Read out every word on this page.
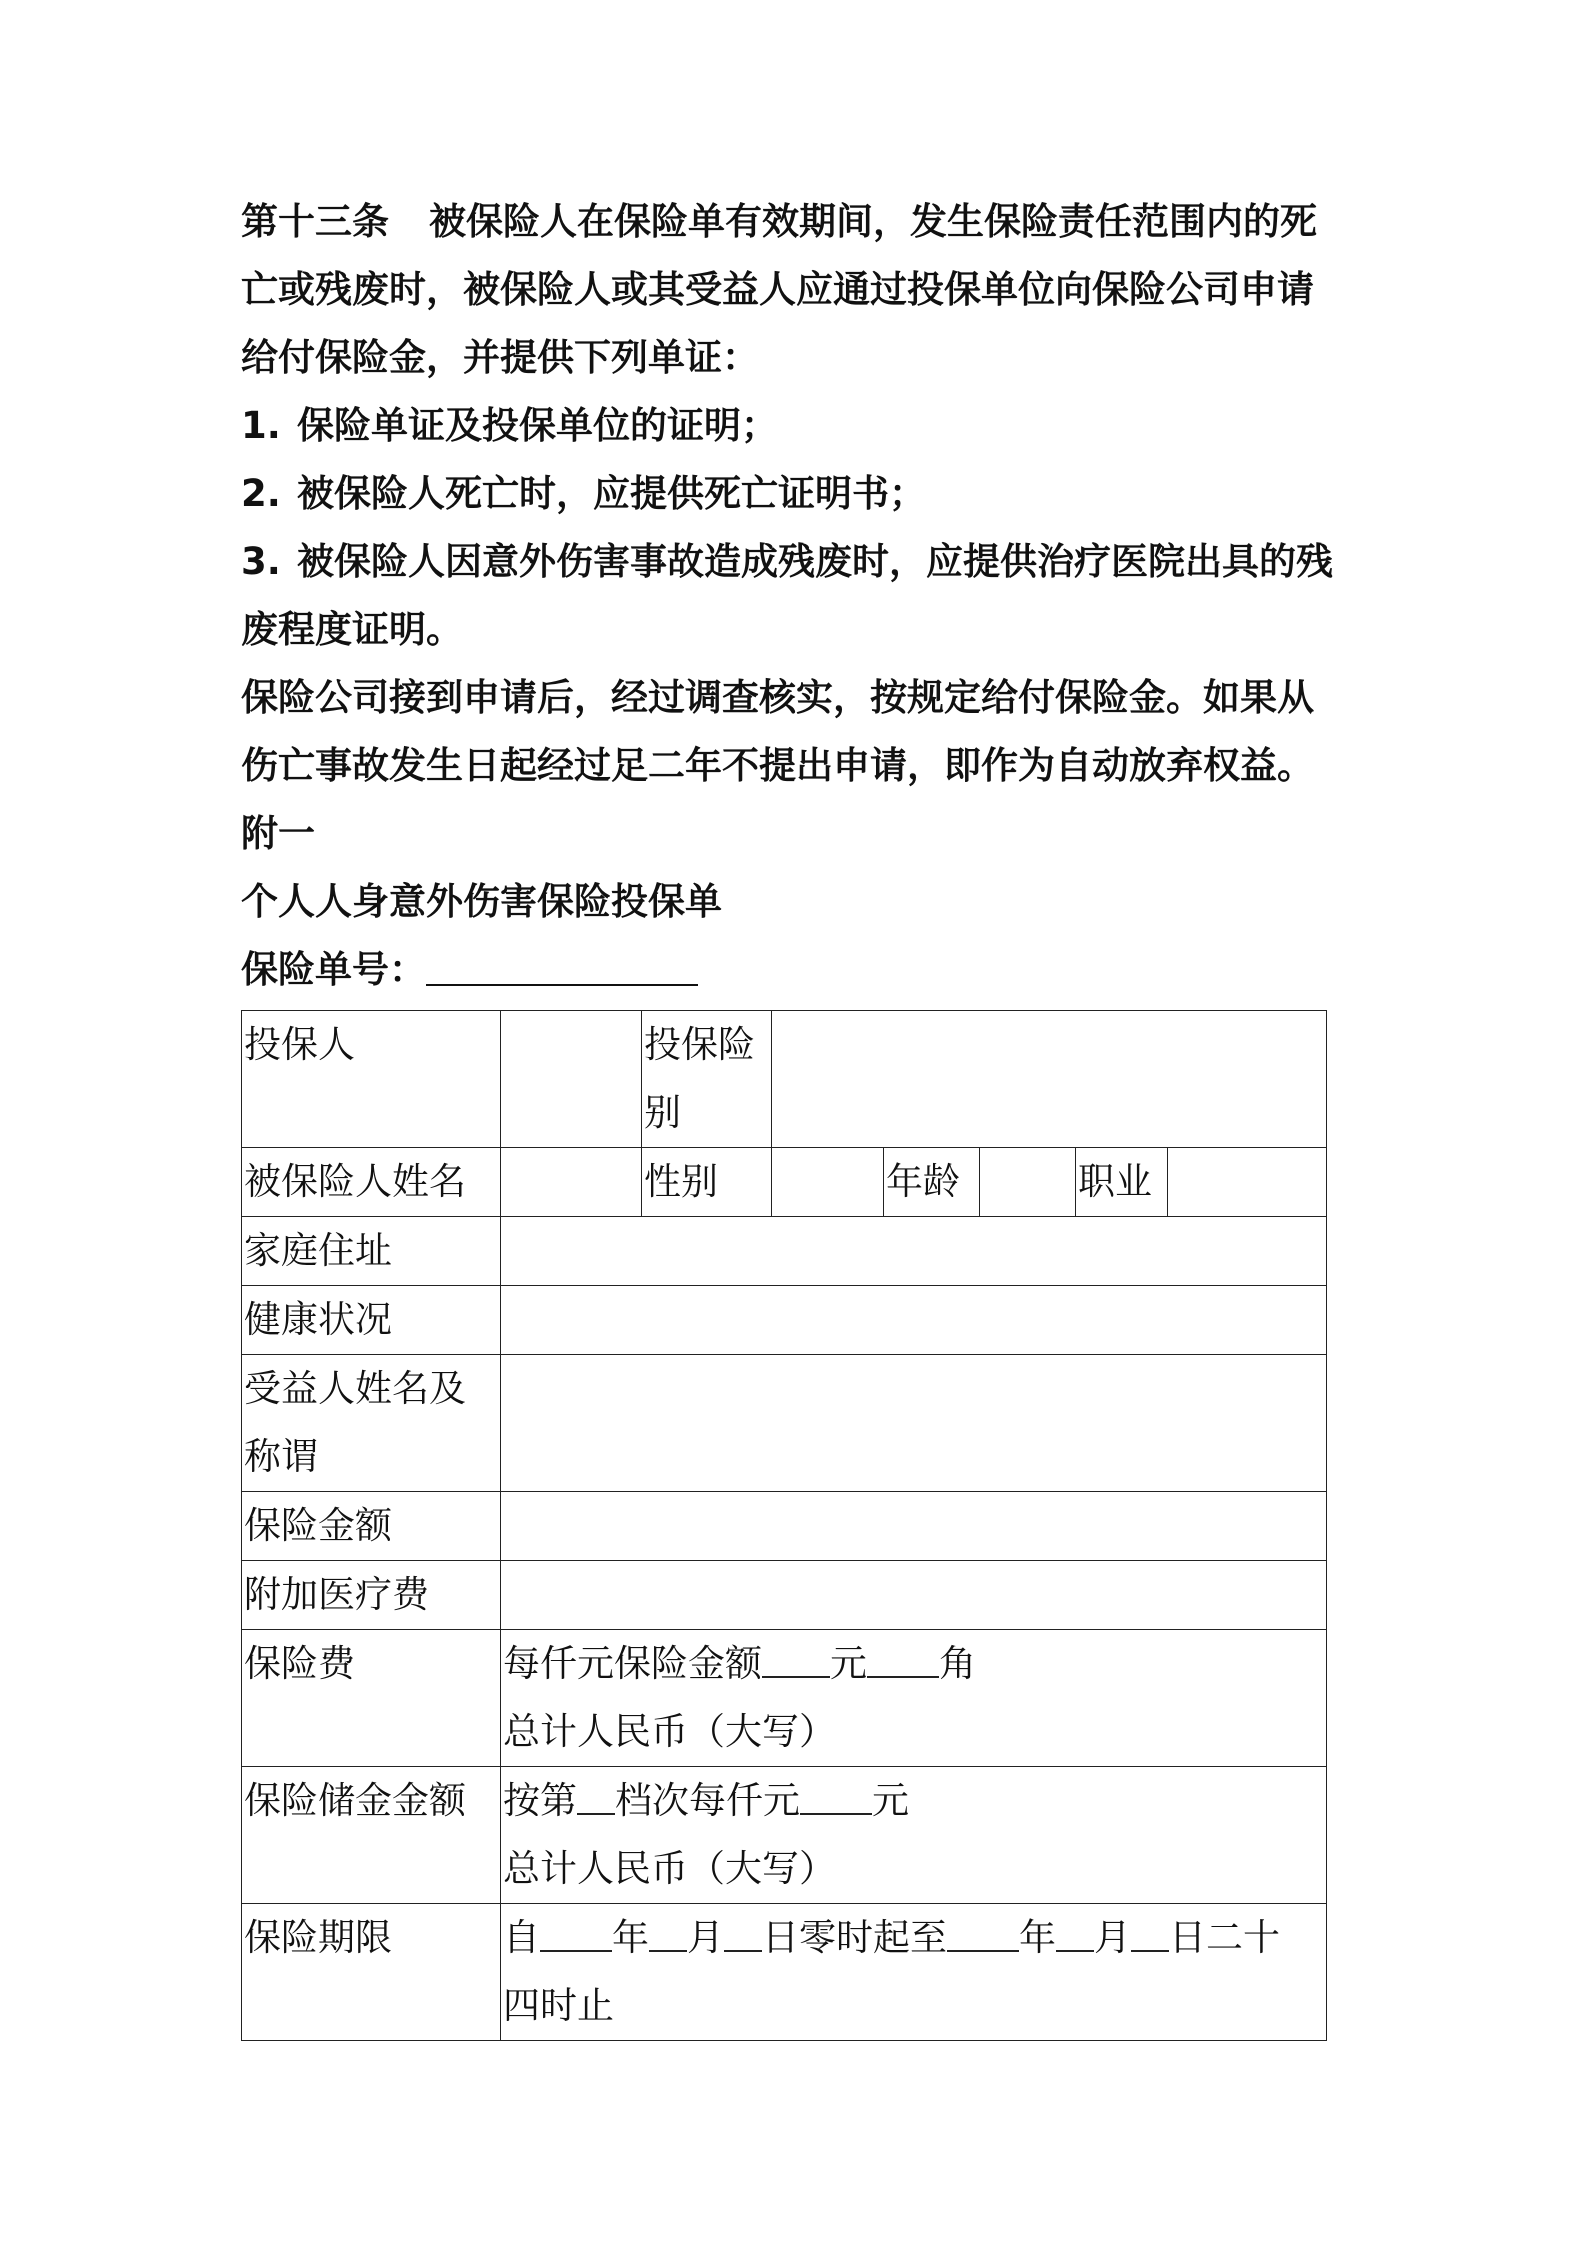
第十三条 被保险人在保险单有效期间，发生保险责任范围内的死
亡或残废时，被保险人或其受益人应通过投保单位向保险公司申请
给付保险金，并提供下列单证：
1. 保险单证及投保单位的证明；
2. 被保险人死亡时，应提供死亡证明书；
3. 被保险人因意外伤害事故造成残废时，应提供治疗医院出具的残
废程度证明。
保险公司接到申请后，经过调查核实，按规定给付保险金。如果从
伤亡事故发生日起经过足二年不提出申请，即作为自动放弃权益。
附一
个人人身意外伤害保险投保单
保险单号：
投保人		投保险
别					

被保险人姓名		性别		年龄		职业	

家庭住址							

健康状况							

受益人姓名及
称谓							

保险金额							

附加医疗费							

保险费	每仟元保险金额 元 角
总计人民币（大写）						

保险储金金额	按第 档次每仟元 元
总计人民币（大写）						

保险期限	自 年 月 日零时起至 年 月 日二十
四时止						
